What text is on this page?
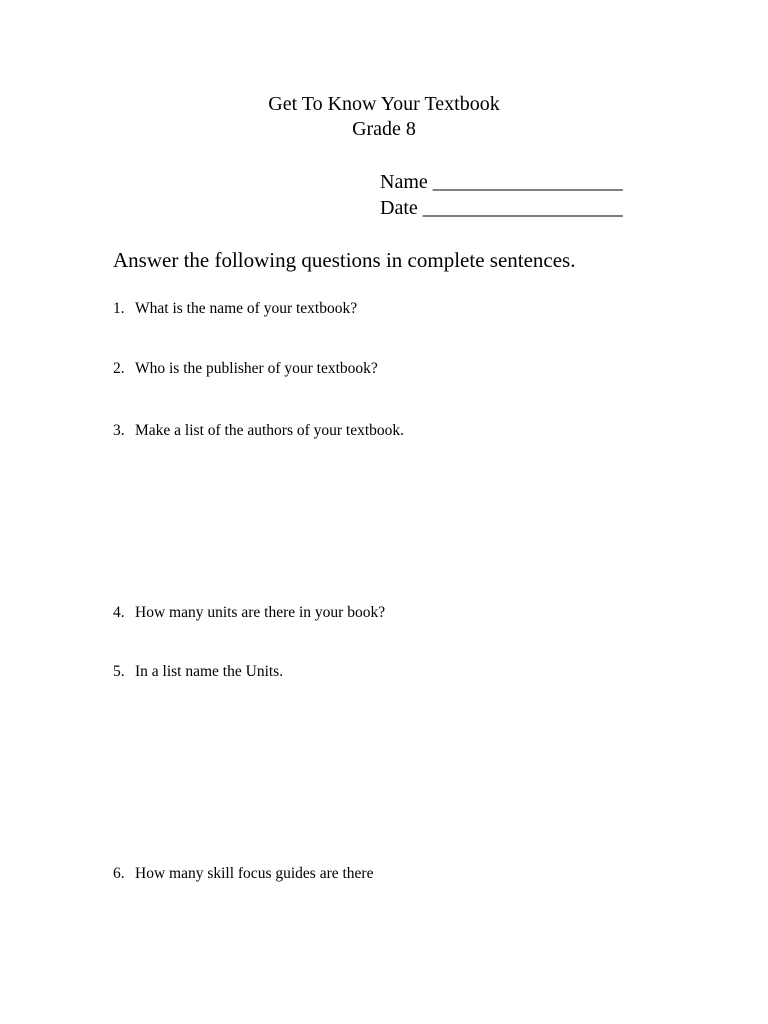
Get To Know Your Textbook
Grade 8
Name ___________________
Date ____________________
Answer the following questions in complete sentences.
1. What is the name of your textbook?
2. Who is the publisher of your textbook?
3. Make a list of the authors of your textbook.
4. How many units are there in your book?
5. In a list name the Units.
6. How many skill focus guides are there
